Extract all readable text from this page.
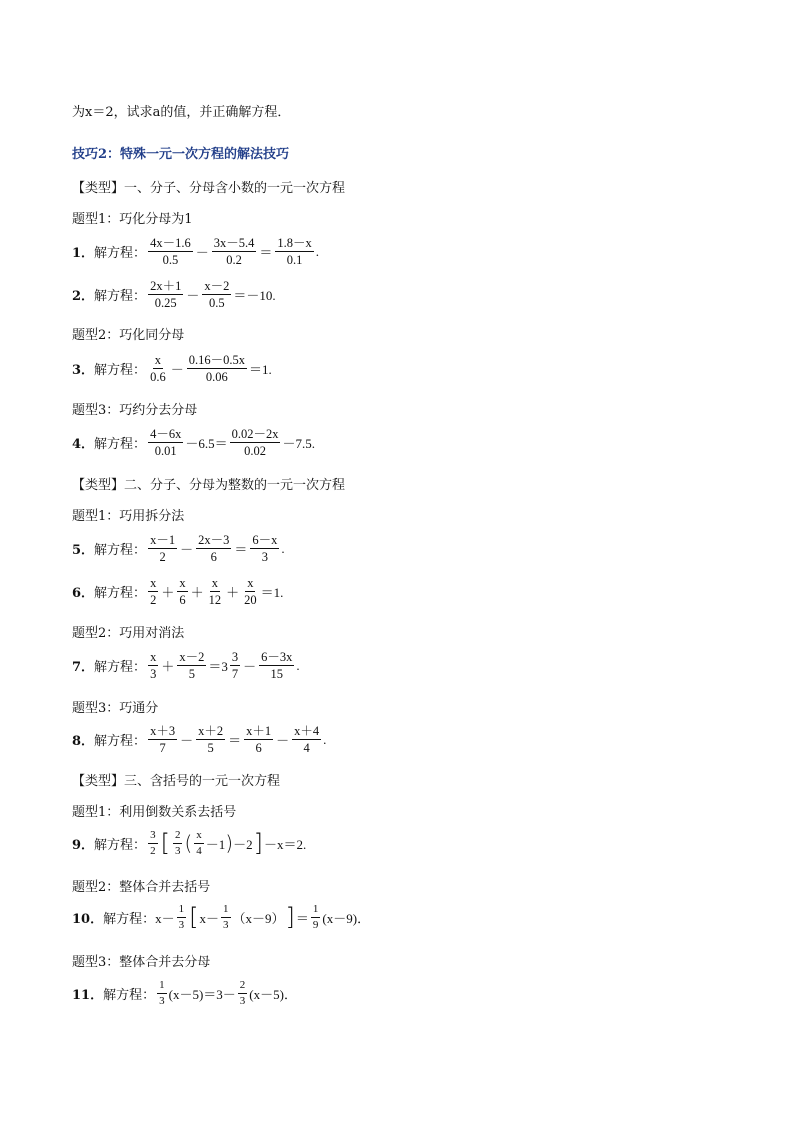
为x＝2，试求a的值，并正确解方程．
技巧2：特殊一元一次方程的解法技巧
【类型】一、分子、分母含小数的一元一次方程
题型1：巧化分母为1
1． 解方程： $\frac{4x-1.6}{0.5} - \frac{3x-5.4}{0.2} = \frac{1.8-x}{0.1}$ .
2． 解方程： $\frac{2x+1}{0.25} - \frac{x-2}{0.5} =-10$.
题型2：巧化同分母
3． 解方程： $\frac{x}{0.6} - \frac{0.16-0.5x}{0.06} =1$.
题型3：巧约分去分母
4． 解方程： $\frac{4-6x}{0.01} -6.5= \frac{0.02-2x}{0.02} -7.5$.
【类型】二、分子、分母为整数的一元一次方程
题型1：巧用拆分法
5． 解方程： $\frac{x-1}{2} - \frac{2x-3}{6} = \frac{6-x}{3}$ .
6． 解方程： $\frac{x}{2} + \frac{x}{6} + \frac{x}{12} + \frac{x}{20} =1$.
题型2：巧用对消法
7． 解方程： $\frac{x}{3} + \frac{x-2}{5} =3 \frac{3}{7} - \frac{6-3x}{15}$ .
题型3：巧通分
8． 解方程： $\frac{x+3}{7} - \frac{x+2}{5} = \frac{x+1}{6} - \frac{x+4}{4}$ .
【类型】三、含括号的一元一次方程
题型1：利用倒数关系去括号
9． 解方程： $\frac{3}{2}$ [ $\frac{2}{3}$ ( $\frac{x}{4} -1$ ) －2 ] －x＝2.
题型2：整体合并去括号
10． 解方程： $x- \frac{1}{3}$ [ $x- \frac{1}{3} (x-9)$ ] ＝ $\frac{1}{9} (x-9)$．
题型3：整体合并去分母
11． 解方程： $\frac{1}{3} (x-5)=3- \frac{2}{3} (x-5)$．
